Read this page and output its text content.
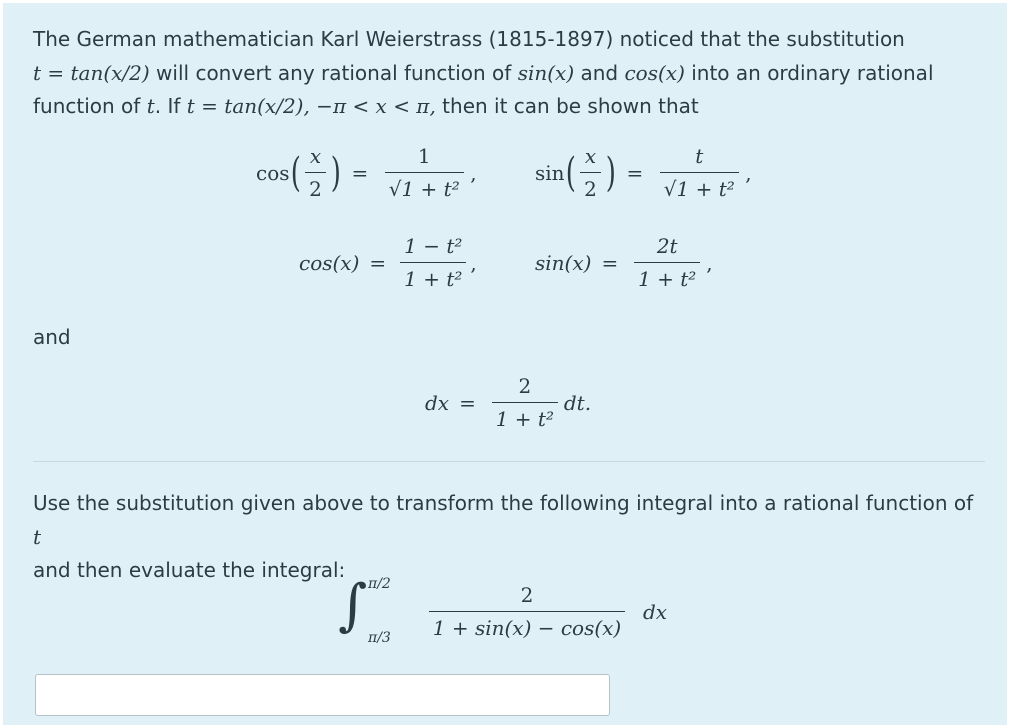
The German mathematician Karl Weierstrass (1815-1897) noticed that the substitution
t = tan(x/2) will convert any rational function of sin(x) and cos(x) into an ordinary rational
function of t. If t = tan(x/2), −π < x < π, then it can be shown that
cos ( $\frac{x}{2}$ ) = $\frac{1}{\text{√1 + t²}}$ ,	sin ( $\frac{x}{2}$ ) = $\frac{t}{\text{√1 + t²}}$ ,
$\cos(x) = \frac{\text{1 − t²}}{\text{1 + t²}}$ ,	$\sin(x) = \frac{2t}{\text{1 + t²}}$ ,
and
dx = $\frac{2}{\text{1 + t²}}$ dt.
Use the substitution given above to transform the following integral into a rational function of t
and then evaluate the integral:
∫ π/2
$\pi/3 \frac{2}{1 + \sin(x) - \cos(x)}$ dx
